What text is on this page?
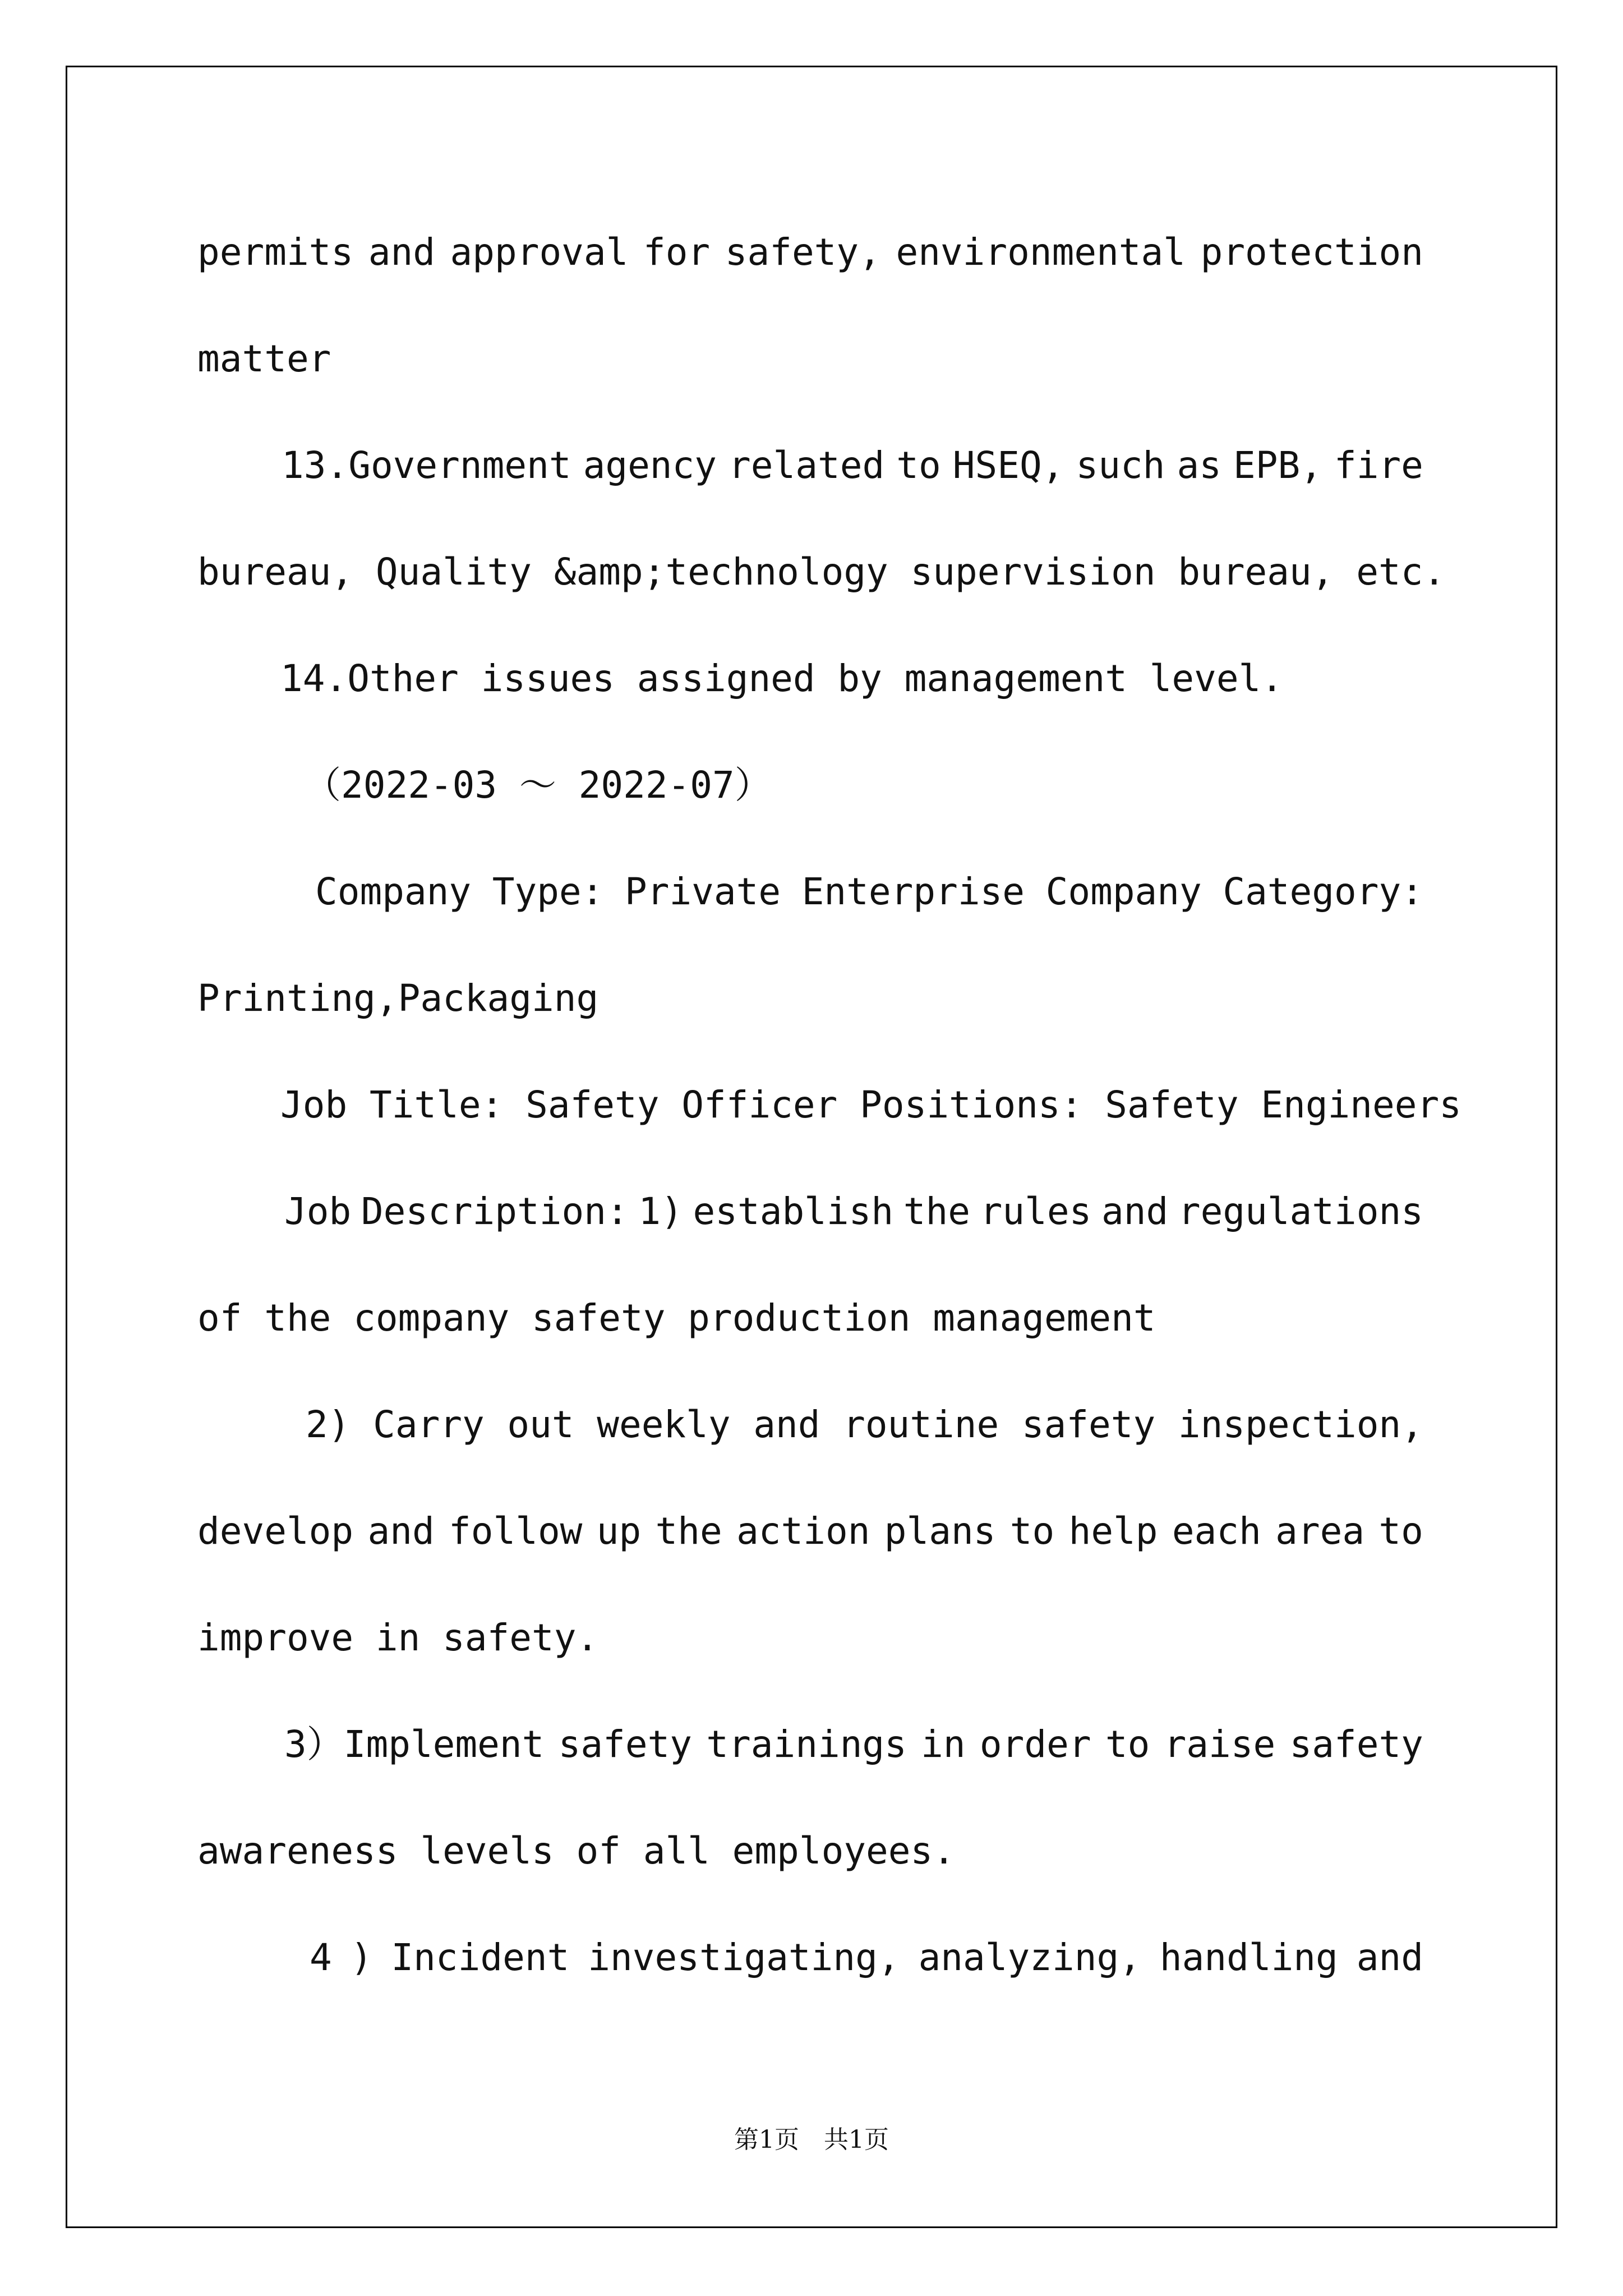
permits and approval for safety, environmental protection
matter
13.Government agency related to HSEQ, such as EPB, fire
bureau, Quality &amp;technology supervision bureau, etc.
14.Other issues assigned by management level.
（2022-03 ～ 2022-07）
Company Type: Private Enterprise Company Category:
Printing,Packaging
Job Title: Safety Officer Positions: Safety Engineers
Job Description: 1) establish the rules and regulations
of the company safety production management
2) Carry out weekly and routine safety inspection,
develop and follow up the action plans to help each area to
improve in safety.
3）Implement safety trainings in order to raise safety
awareness levels of all employees.
4 ) Incident investigating, analyzing, handling and
第1页　共1页
